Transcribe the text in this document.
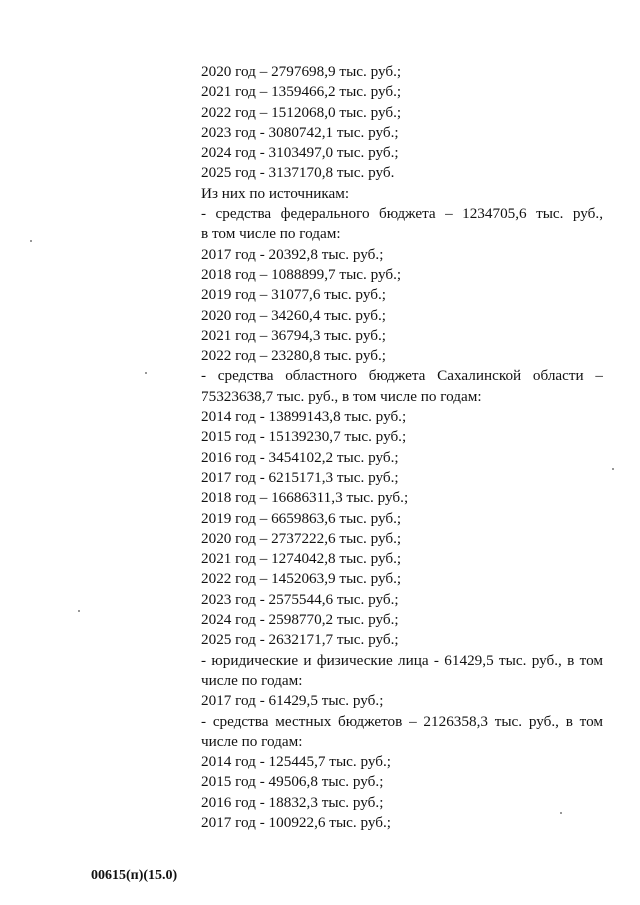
2020 год – 2797698,9 тыс. руб.;
2021 год – 1359466,2 тыс. руб.;
2022 год – 1512068,0 тыс. руб.;
2023 год - 3080742,1 тыс. руб.;
2024 год - 3103497,0 тыс. руб.;
2025 год - 3137170,8 тыс. руб.
Из них по источникам:
- средства федерального бюджета – 1234705,6 тыс. руб.,
в том числе по годам:
2017 год - 20392,8 тыс. руб.;
2018 год – 1088899,7 тыс. руб.;
2019 год – 31077,6 тыс. руб.;
2020 год – 34260,4 тыс. руб.;
2021 год – 36794,3 тыс. руб.;
2022 год – 23280,8 тыс. руб.;
- средства областного бюджета Сахалинской области –
75323638,7 тыс. руб., в том числе по годам:
2014 год - 13899143,8 тыс. руб.;
2015 год - 15139230,7 тыс. руб.;
2016 год - 3454102,2 тыс. руб.;
2017 год - 6215171,3 тыс. руб.;
2018 год – 16686311,3 тыс. руб.;
2019 год – 6659863,6 тыс. руб.;
2020 год – 2737222,6 тыс. руб.;
2021 год – 1274042,8 тыс. руб.;
2022 год – 1452063,9 тыс. руб.;
2023 год - 2575544,6 тыс. руб.;
2024 год - 2598770,2 тыс. руб.;
2025 год - 2632171,7 тыс. руб.;
- юридические и физические лица - 61429,5 тыс. руб., в том
числе по годам:
2017 год - 61429,5 тыс. руб.;
- средства местных бюджетов – 2126358,3 тыс. руб., в том
числе по годам:
2014 год - 125445,7 тыс. руб.;
2015 год - 49506,8 тыс. руб.;
2016 год - 18832,3 тыс. руб.;
2017 год - 100922,6 тыс. руб.;
00615(п)(15.0)
